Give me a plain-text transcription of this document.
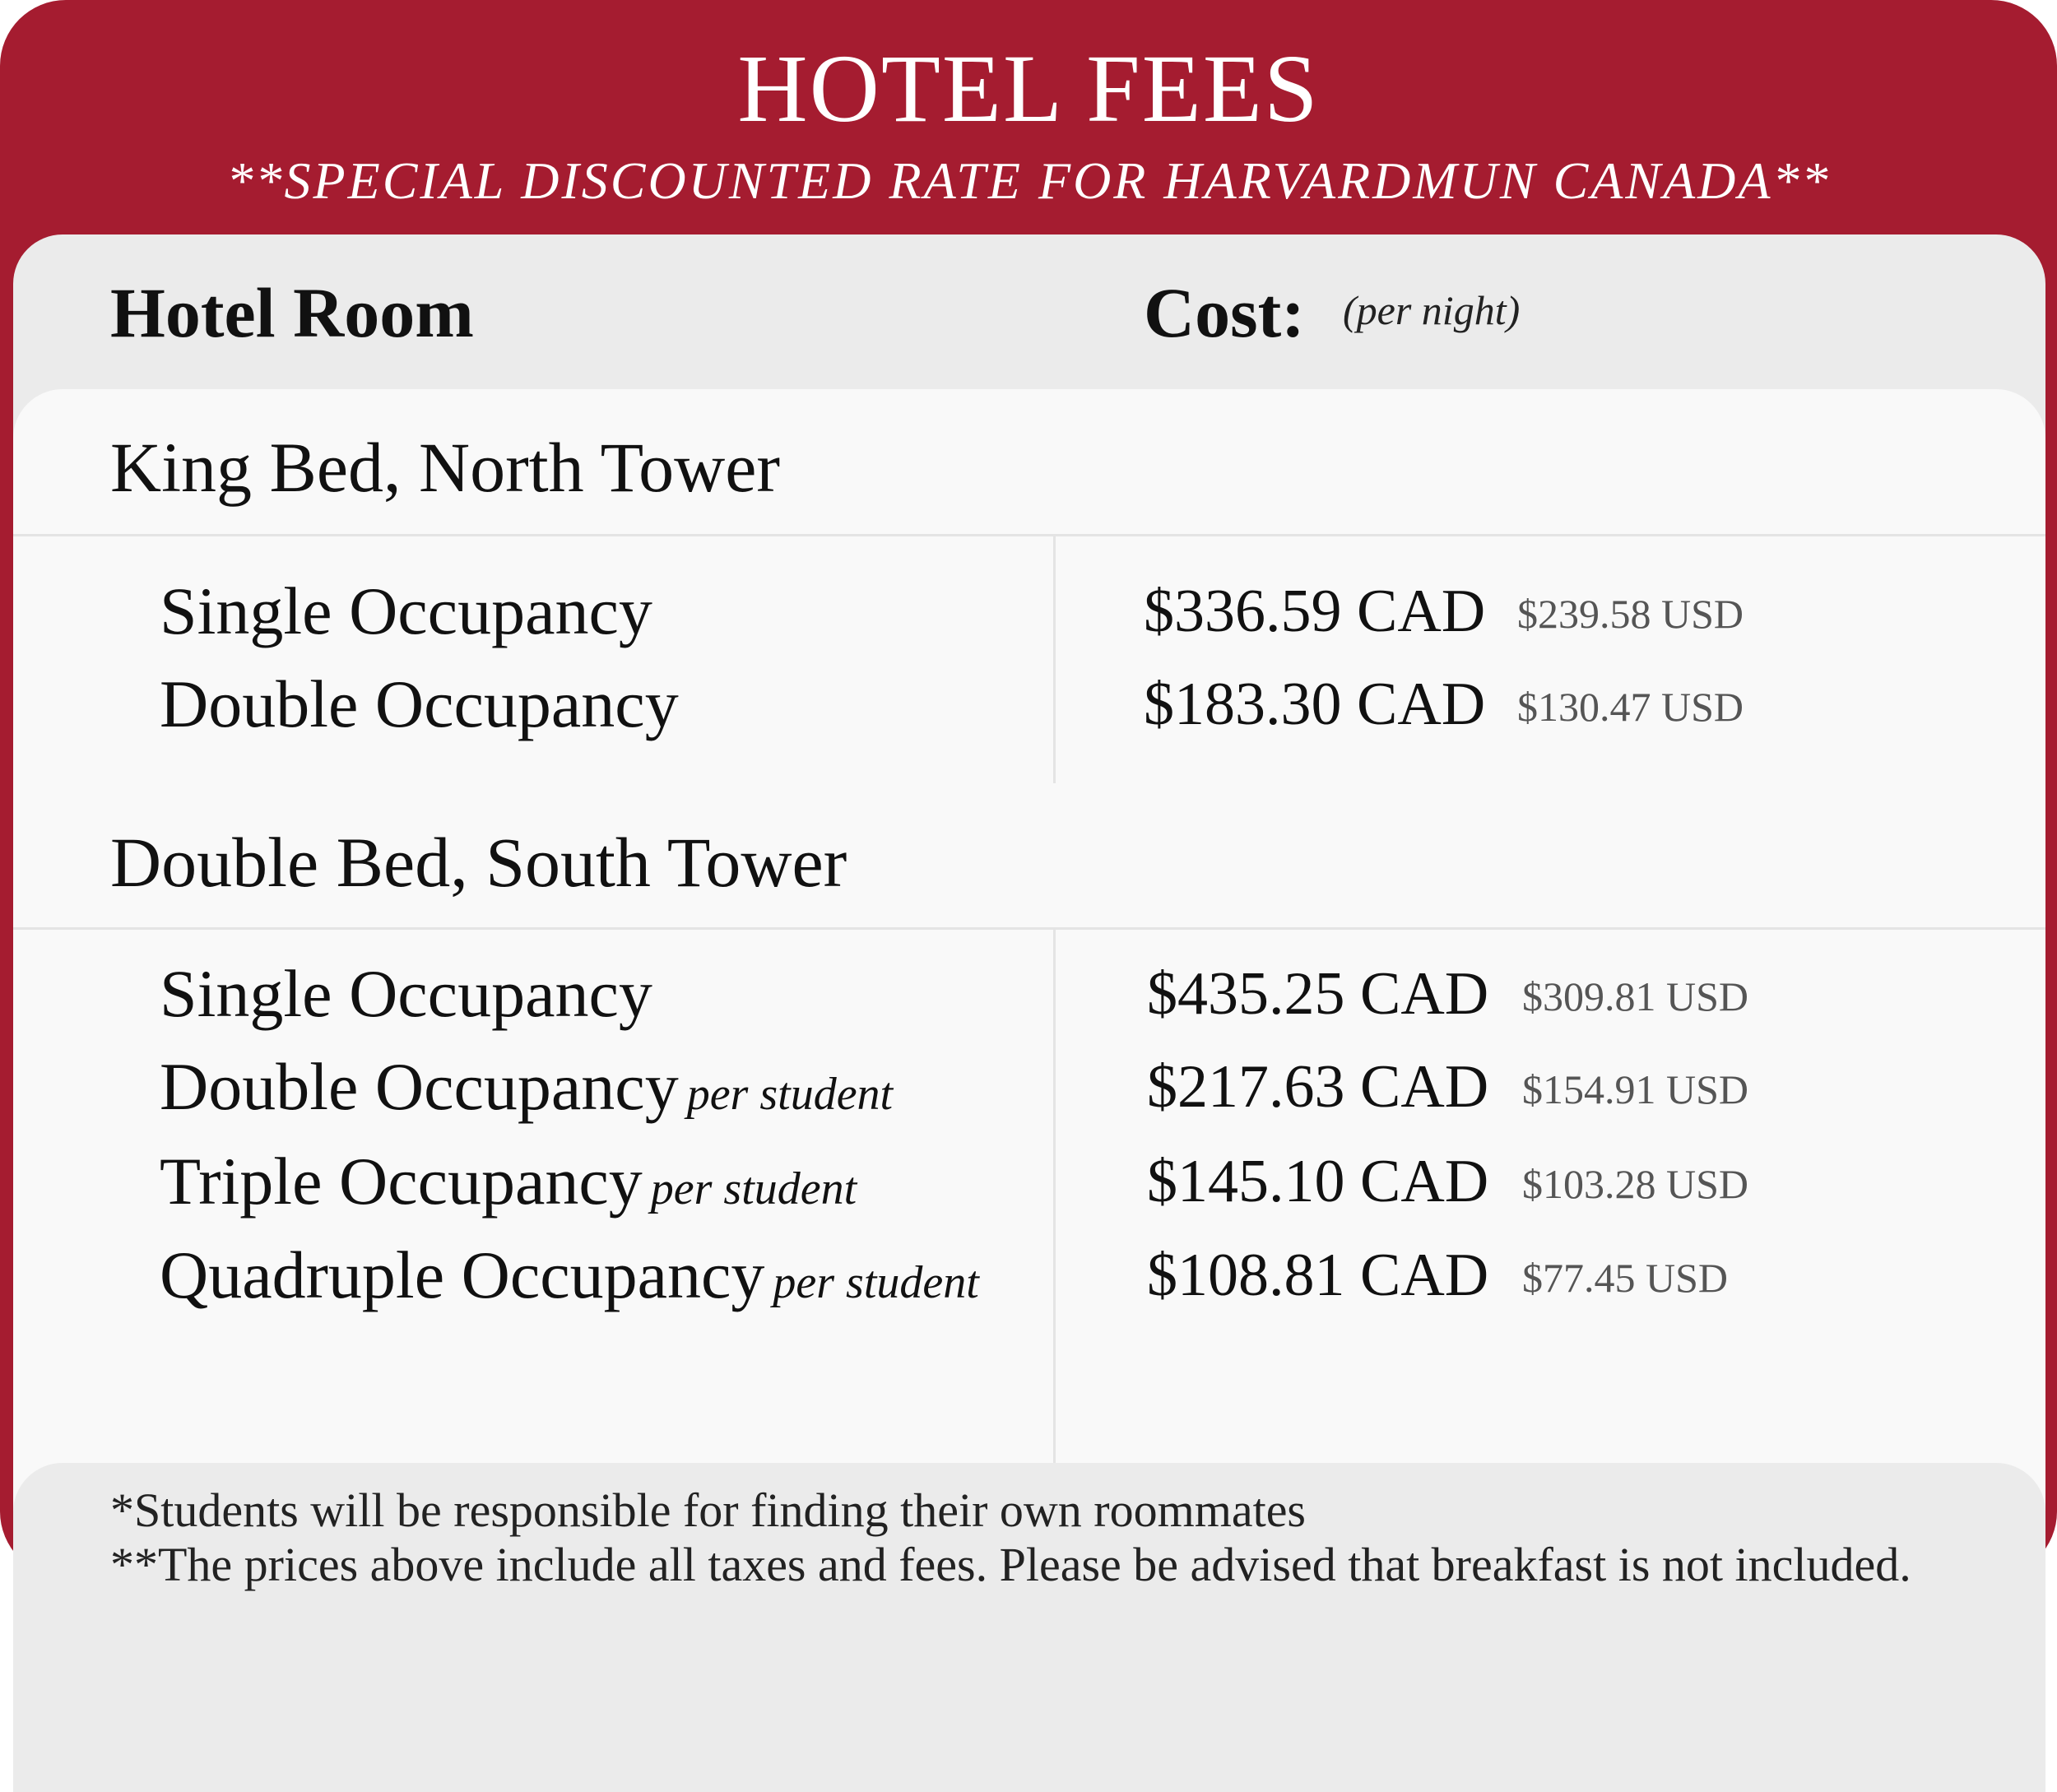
HOTEL FEES
**SPECIAL DISCOUNTED RATE FOR HARVARDMUN CANADA**
Hotel Room	Cost: (per night)
King Bed, North Tower
Single Occupancy	$336.59 CAD $239.58 USD
Double Occupancy	$183.30 CAD $130.47 USD
Double Bed, South Tower
Single Occupancy	$435.25 CAD $309.81 USD
Double Occupancy per student	$217.63 CAD $154.91 USD
Triple Occupancy per student	$145.10 CAD $103.28 USD
Quadruple Occupancy per student	$108.81 CAD $77.45 USD
*Students will be responsible for finding their own roommates
**The prices above include all taxes and fees. Please be advised that breakfast is not included.
